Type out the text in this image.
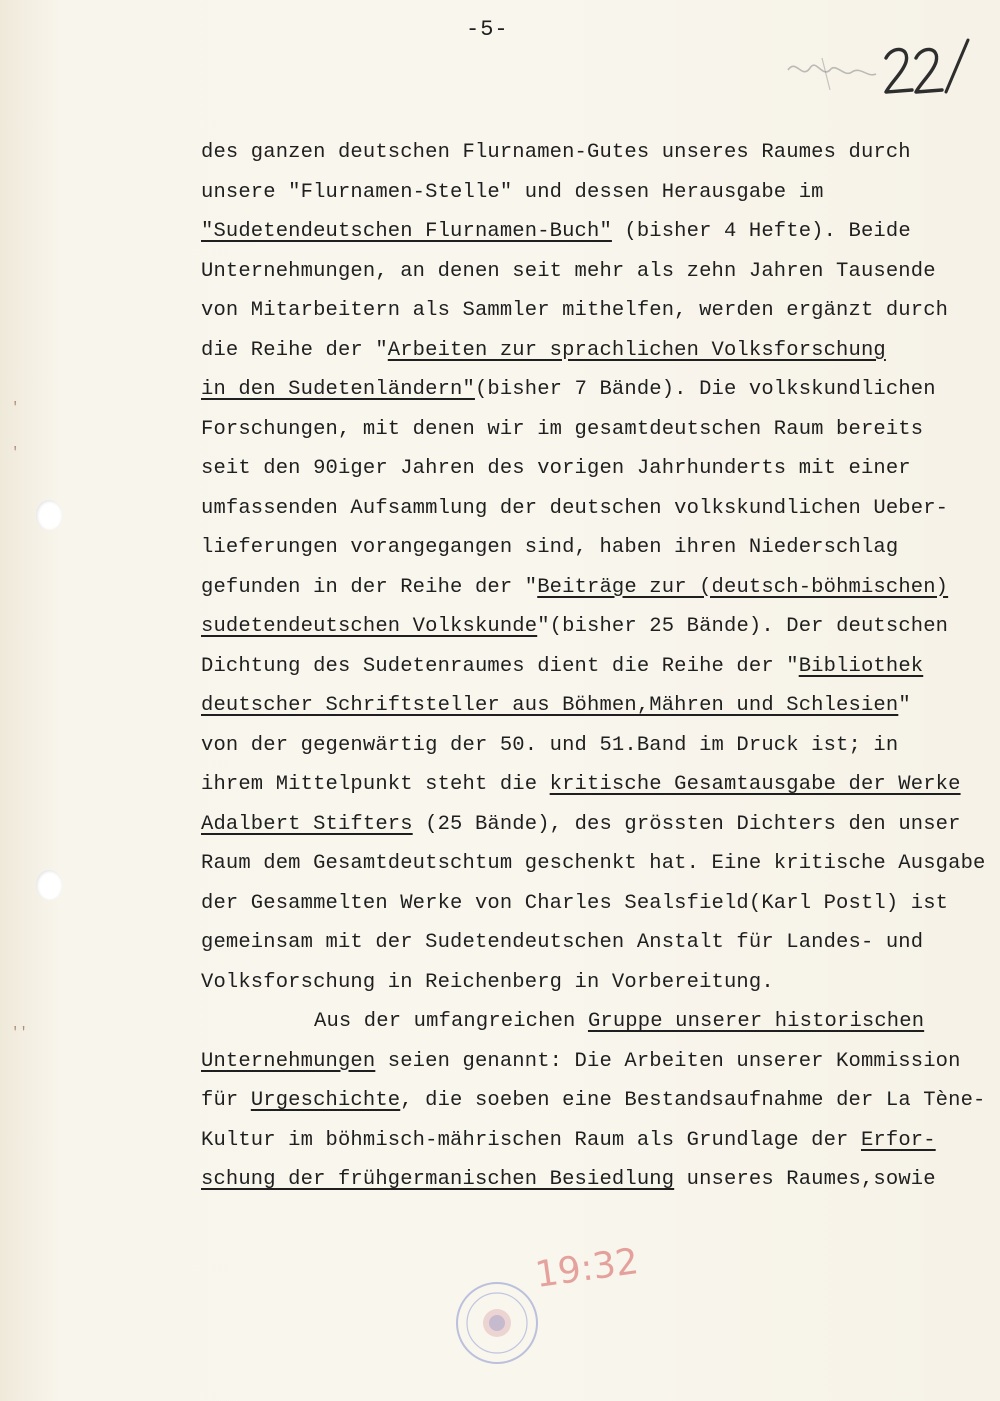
'
'
''
-5-
des ganzen deutschen Flurnamen-Gutes unseres Raumes durch
unsere "Flurnamen-Stelle" und dessen Herausgabe im
"Sudetendeutschen Flurnamen-Buch" (bisher 4 Hefte). Beide
Unternehmungen, an denen seit mehr als zehn Jahren Tausende
von Mitarbeitern als Sammler mithelfen, werden ergänzt durch
die Reihe der "Arbeiten zur sprachlichen Volksforschung
in den Sudetenländern"(bisher 7 Bände). Die volkskundlichen
Forschungen, mit denen wir im gesamtdeutschen Raum bereits
seit den 90iger Jahren des vorigen Jahrhunderts mit einer
umfassenden Aufsammlung der deutschen volkskundlichen Ueber-
lieferungen vorangegangen sind, haben ihren Niederschlag
gefunden in der Reihe der "Beiträge zur (deutsch-böhmischen)
sudetendeutschen Volkskunde"(bisher 25 Bände). Der deutschen
Dichtung des Sudetenraumes dient die Reihe der "Bibliothek
deutscher Schriftsteller aus Böhmen,Mähren und Schlesien"
von der gegenwärtig der 50. und 51.Band im Druck ist; in
ihrem Mittelpunkt steht die kritische Gesamtausgabe der Werke
Adalbert Stifters (25 Bände), des grössten Dichters den unser
Raum dem Gesamtdeutschtum geschenkt hat. Eine kritische Ausgabe
der Gesammelten Werke von Charles Sealsfield(Karl Postl) ist
gemeinsam mit der Sudetendeutschen Anstalt für Landes- und
Volksforschung in Reichenberg in Vorbereitung.
Aus der umfangreichen Gruppe unserer historischen
Unternehmungen seien genannt: Die Arbeiten unserer Kommission
für Urgeschichte, die soeben eine Bestandsaufnahme der La Tène-
Kultur im böhmisch-mährischen Raum als Grundlage der Erfor-
schung der frühgermanischen Besiedlung unseres Raumes,sowie
19:32
